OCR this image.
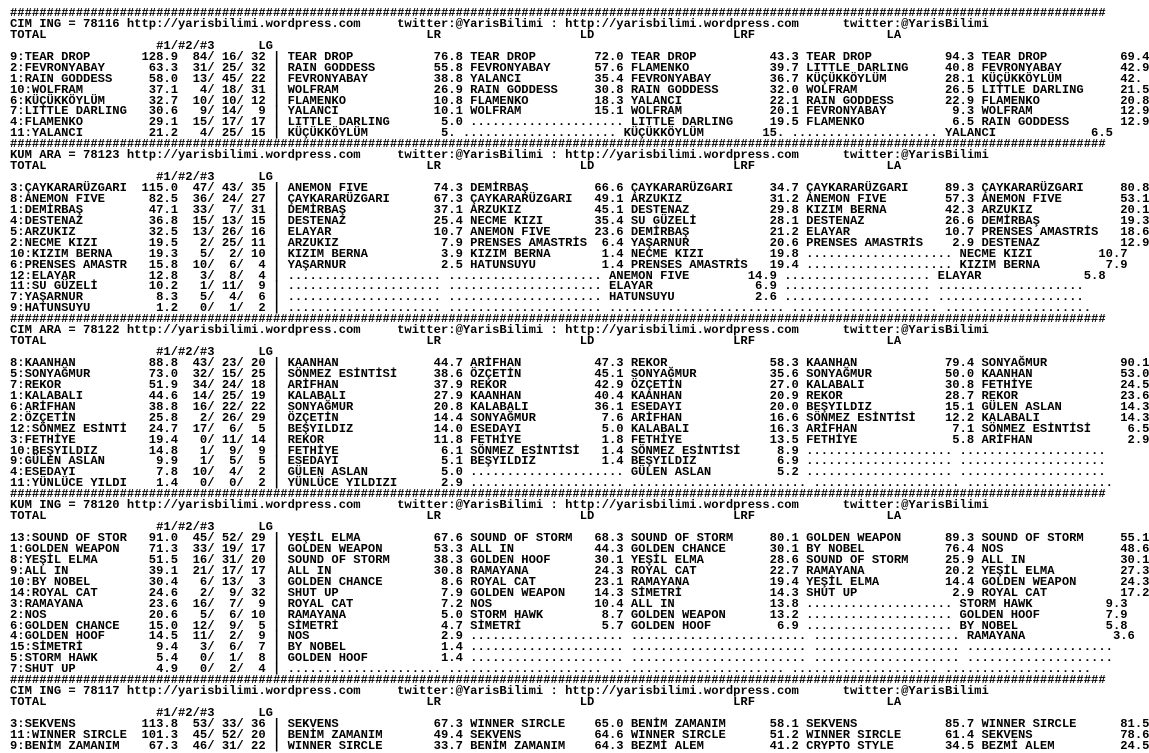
######################################################################################################################################################
CIM ING = 78116 http://yarisbilimi.wordpress.com     twitter:@YarisBilimi : http://yarisbilimi.wordpress.com      twitter:@YarisBilimi
TOTAL                                                    LR                   LD                   LRF                  LA
#1/#2/#3      LG
9:TEAR DROP       128.9  84/ 16/ 32 | TEAR DROP           76.8 TEAR DROP        72.0 TEAR DROP          43.3 TEAR DROP          94.3 TEAR DROP          69.4
2:FEVRONYABAY      63.3  31/ 25/ 32 | RAIN GODDESS        55.8 FEVRONYABAY      57.6 FLAMENKO           39.7 LITTLE DARLING     40.8 FEVRONYABAY        42.9
1:RAIN GODDESS     58.0  13/ 45/ 22 | FEVRONYABAY         38.8 YALANCI          35.4 FEVRONYABAY        36.7 KÜÇÜKKÖYLÜM        28.1 KÜÇÜKKÖYLÜM        42.
10:WOLFRAM         37.1   4/ 18/ 31 | WOLFRAM             26.9 RAIN GODDESS     30.8 RAIN GODDESS       32.0 WOLFRAM            26.5 LITTLE DARLING     21.5
6:KÜÇÜKKÖYLÜM      32.7  10/ 10/ 12 | FLAMENKO            10.8 FLAMENKO         18.3 YALANCI            22.1 RAIN GODDESS       22.9 FLAMENKO           20.8
7:LITTLE DARLING   30.6   9/ 14/  9 | YALANCI             10.1 WOLFRAM          15.1 WOLFRAM            20.1 FEVRONYABAY         9.3 WOLFRAM            12.9
4:FLAMENKO         29.1  15/ 17/ 17 | LITTLE DARLING       5.0 ..................... LITTLE DARLING     19.5 FLAMENKO            6.5 RAIN GODDESS       12.9
11:YALANCI         21.2   4/ 25/ 15 | KÜÇÜKKÖYLÜM          5. ..................... KÜÇÜKKÖYLÜM        15. .................... YALANCI             6.5
######################################################################################################################################################
KUM ARA = 78123 http://yarisbilimi.wordpress.com     twitter:@YarisBilimi : http://yarisbilimi.wordpress.com      twitter:@YarisBilimi
TOTAL                                                    LR                   LD                   LRF                  LA
#1/#2/#3      LG
3:ÇAYKARARÜZGARI  115.0  47/ 43/ 35 | ANEMON FIVE         74.3 DEMİRBAŞ         66.6 ÇAYKARARÜZGARI     34.7 ÇAYKARARÜZGARI     89.3 ÇAYKARARÜZGARI     80.8
8:ANEMON FIVE      82.5  36/ 24/ 27 | ÇAYKARARÜZGARI      67.3 ÇAYKARARÜZGARI   49.1 ARZUKIZ            31.2 ANEMON FIVE        57.3 ANEMON FIVE        53.1
1:DEMİRBAŞ         47.1  33/  7/ 31 | DEMİRBAŞ            37.1 ARZUKIZ          45.1 DESTENAZ           29.8 KIZIM BERNA        42.3 ARZUKIZ            20.1
4:DESTENAZ         36.8  15/ 13/ 15 | DESTENAZ            25.4 NECME KIZI       35.4 SU GÜZELİ          28.1 DESTENAZ           26.6 DEMİRBAŞ           19.3
5:ARZUKIZ          32.5  13/ 26/ 16 | ELAYAR              10.7 ANEMON FIVE      23.6 DEMİRBAŞ           21.2 ELAYAR             10.7 PRENSES AMASTRİS   18.6
2:NECME KIZI       19.5   2/ 25/ 11 | ARZUKIZ              7.9 PRENSES AMASTRİS  6.4 YAŞARNUR           20.6 PRENSES AMASTRİS    2.9 DESTENAZ           12.9
10:KIZIM BERNA     19.3   5/  2/ 10 | KIZIM BERNA          3.9 KIZIM BERNA       1.4 NECME KIZI         19.8 .................... NECME KIZI         10.7
6:PRENSES AMASTR   15.8  10/  6/  4 | YAŞARNUR             2.5 HATUNSUYU         1.4 PRENSES AMASTRİS   19.4 .................... KIZIM BERNA         7.9
12:ELAYAR          12.8   3/  8/  4 | ..................... ..................... ANEMON FIVE        14.9 .................... ELAYAR              5.8
11:SU GÜZELİ       10.2   1/ 11/  9 | ..................... ..................... ELAYAR              6.9 .................... ....................
7:YAŞARNUR          8.3   5/  4/  6 | ..................... ..................... HATUNSUYU           2.6 .................... ....................
9:HATUNSUYU         1.2   0/  1/  2 | ..................... ..................... ........................ .................... ....................
######################################################################################################################################################
CIM ARA = 78122 http://yarisbilimi.wordpress.com     twitter:@YarisBilimi : http://yarisbilimi.wordpress.com      twitter:@YarisBilimi
TOTAL                                                    LR                   LD                   LRF                  LA
#1/#2/#3      LG
8:KAANHAN          88.8  43/ 23/ 20 | KAANHAN             44.7 ARİFHAN          47.3 REKOR              58.3 KAANHAN            79.4 SONYAĞMUR          90.1
5:SONYAĞMUR        73.0  32/ 15/ 25 | SÖNMEZ ESİNTİSİ     38.6 ÖZÇETİN          45.1 SONYAĞMUR          35.6 SONYAĞMUR          50.0 KAANHAN            53.0
7:REKOR            51.9  34/ 24/ 18 | ARİFHAN             37.9 REKOR            42.9 ÖZÇETİN            27.0 KALABALI           30.8 FETHİYE            24.5
1:KALABALI         44.6  14/ 25/ 19 | KALABALI            27.9 KAANHAN          40.4 KAANHAN            20.9 REKOR              28.7 REKOR              23.6
6:ARİFHAN          38.8  16/ 22/ 22 | SONYAĞMUR           20.8 KALABALI         36.1 ESEDAYI            20.0 BEŞYILDIZ          15.1 GÜLEN ASLAN        14.3
2:ÖZÇETİN          25.8   2/ 26/ 29 | ÖZÇETİN             14.4 SONYAĞMUR         7.6 ARİFHAN            16.6 SÖNMEZ ESİNTİSİ    12.2 KALABALI           14.3
12:SÖNMEZ ESİNTİ   24.7  17/  6/  5 | BEŞYILDIZ           14.0 ESEDAYI           5.0 KALABALI           16.3 ARİFHAN             7.1 SÖNMEZ ESİNTİSİ     6.5
3:FETHİYE          19.4   0/ 11/ 14 | REKOR               11.8 FETHİYE           1.8 FETHİYE            13.5 FETHİYE             5.8 ARİFHAN             2.9
10:BEŞYILDIZ       14.8   1/  9/  9 | FETHİYE              6.1 SÖNMEZ ESİNTİSİ   1.4 SÖNMEZ ESİNTİSİ     8.9 .................... ....................
9:GÜLEN ASLAN       9.9   1/  5/  5 | ESEDAYI              5.1 BEŞYILDIZ         1.4 BEŞYILDIZ           6.9 .................... ....................
4:ESEDAYI           7.8  10/  4/  2 | GÜLEN ASLAN          5.0 ..................... GÜLEN ASLAN         5.2 .................... ....................
11:YÜNLÜCE YILDI    1.4   0/  0/  2 | YÜNLÜCE YILDIZI      2.9 ..................... ........................ .................... ....................
######################################################################################################################################################
KUM ING = 78120 http://yarisbilimi.wordpress.com     twitter:@YarisBilimi : http://yarisbilimi.wordpress.com      twitter:@YarisBilimi
TOTAL                                                    LR                   LD                   LRF                  LA
#1/#2/#3      LG
13:SOUND OF STOR   91.0  45/ 52/ 29 | YEŞİL ELMA          67.6 SOUND OF STORM   68.3 SOUND OF STORM     80.1 GOLDEN WEAPON      89.3 SOUND OF STORM     55.1
1:GOLDEN WEAPON    71.3  33/ 19/ 17 | GOLDEN WEAPON       53.3 ALL IN           44.3 GOLDEN CHANCE      30.1 BY NOBEL           76.4 NOS                48.6
8:YEŞİL ELMA       51.5  16/ 31/ 20 | SOUND OF STORM      38.3 GOLDEN HOOF      30.1 YEŞİL ELMA         28.6 SOUND OF STORM     25.9 ALL IN             30.1
9:ALL IN           39.1  21/ 17/ 17 | ALL IN              30.8 RAMAYANA         24.3 ROYAL CAT          22.7 RAMAYANA           20.2 YEŞİL ELMA         27.3
10:BY NOBEL        30.4   6/ 13/  3 | GOLDEN CHANCE        8.6 ROYAL CAT        23.1 RAMAYANA           19.4 YEŞİL ELMA         14.4 GOLDEN WEAPON      24.3
14:ROYAL CAT       24.6   2/  9/ 32 | SHUT UP              7.9 GOLDEN WEAPON    14.3 SİMETRİ            14.3 SHUT UP             2.9 ROYAL CAT          17.2
3:RAMAYANA         23.6  16/  7/  9 | ROYAL CAT            7.2 NOS              10.4 ALL IN             13.8 .................... STORM HAWK          9.3
2:NOS              20.6   5/  6/ 10 | RAMAYANA             5.0 STORM HAWK        8.7 GOLDEN WEAPON      13.2 .................... GOLDEN HOOF         7.9
6:GOLDEN CHANCE    15.0  12/  9/  5 | SİMETRİ              4.7 SİMETRİ           5.7 GOLDEN HOOF         6.9 .................... BY NOBEL            5.8
4:GOLDEN HOOF      14.5  11/  2/  9 | NOS                  2.9 ..................... ........................ .................... RAMAYANA            3.6
15:SİMETRİ          9.4   3/  6/  7 | BY NOBEL             1.4 ..................... ........................ .................... ....................
5:STORM HAWK        5.4   0/  1/  8 | GOLDEN HOOF          1.4 ..................... ........................ .................... ....................
7:SHUT UP           4.9   0/  2/  4 | ..................... ..................... ........................ .................... ....................
######################################################################################################################################################
CIM ING = 78117 http://yarisbilimi.wordpress.com     twitter:@YarisBilimi : http://yarisbilimi.wordpress.com      twitter:@YarisBilimi
TOTAL                                                    LR                   LD                   LRF                  LA
#1/#2/#3      LG
3:SEKVENS         113.8  53/ 33/ 36 | SEKVENS             67.3 WINNER SIRCLE    65.0 BENİM ZAMANIM      58.1 SEKVENS            85.7 WINNER SIRCLE      81.5
11:WINNER SIRCLE  101.3  45/ 52/ 20 | BENİM ZAMANIM       49.4 SEKVENS          64.6 WINNER SIRCLE      51.2 WINNER SIRCLE      61.4 SEKVENS            78.6
9:BENİM ZAMANIM    67.3  46/ 31/ 22 | WINNER SIRCLE       33.7 BENİM ZAMANIM    64.3 BEZMİ ALEM         41.2 CRYPTO STYLE       34.5 BEZMİ ALEM         24.5
